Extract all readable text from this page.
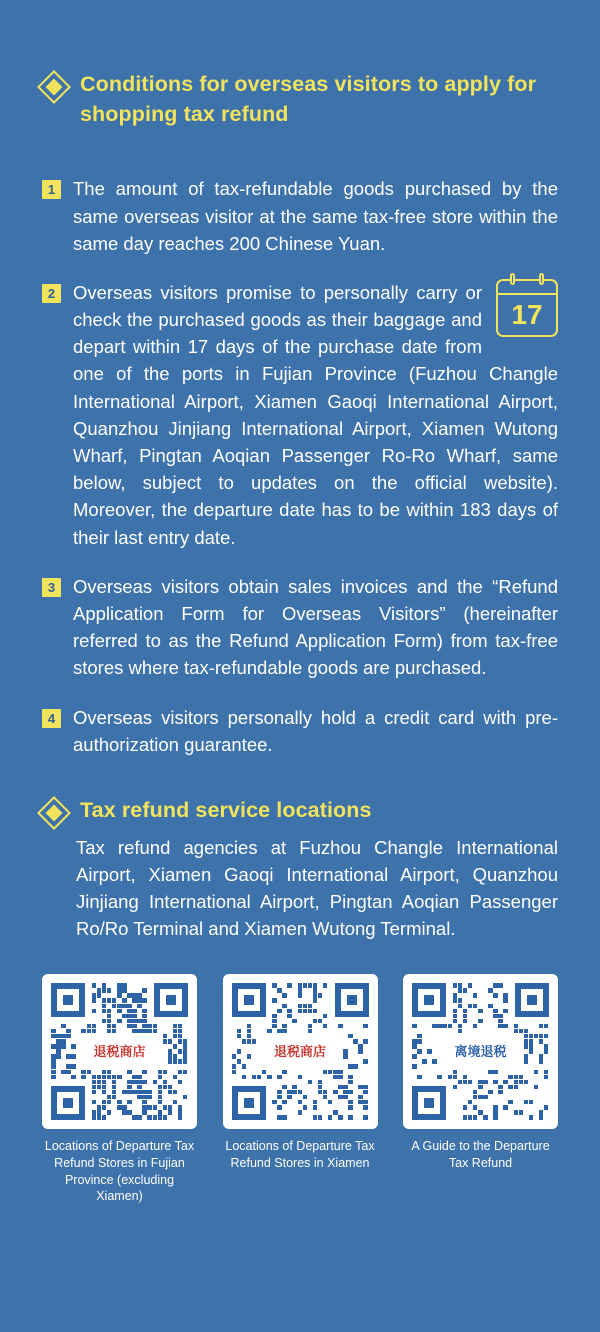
Conditions for overseas visitors to apply for shopping tax refund
1 The amount of tax-refundable goods purchased by the same overseas visitor at the same tax-free store within the same day reaches 200 Chinese Yuan.
2
17
Overseas visitors promise to personally carry or check the purchased goods as their baggage and depart within 17 days of the purchase date from one of the ports in Fujian Province (Fuzhou Changle International Airport, Xiamen Gaoqi International Airport, Quanzhou Jinjiang International Airport, Xiamen Wutong Wharf, Pingtan Aoqian Passenger Ro-Ro Wharf, same below, subject to updates on the official website). Moreover, the departure date has to be within 183 days of their last entry date.
3 Overseas visitors obtain sales invoices and the “Refund Application Form for Overseas Visitors” (hereinafter referred to as the Refund Application Form) from tax-free stores where tax-refundable goods are purchased.
4 Overseas visitors personally hold a credit card with pre-authorization guarantee.
Tax refund service locations
Tax refund agencies at Fuzhou Changle International Airport, Xiamen Gaoqi International Airport, Quanzhou Jinjiang International Airport, Pingtan Aoqian Passenger Ro/Ro Terminal and Xiamen Wutong Terminal.
退税商店
Locations of Departure Tax Refund Stores in Fujian Province (excluding Xiamen)
退税商店
Locations of Departure Tax Refund Stores in Xiamen
离境退税
A Guide to the Departure Tax Refund
